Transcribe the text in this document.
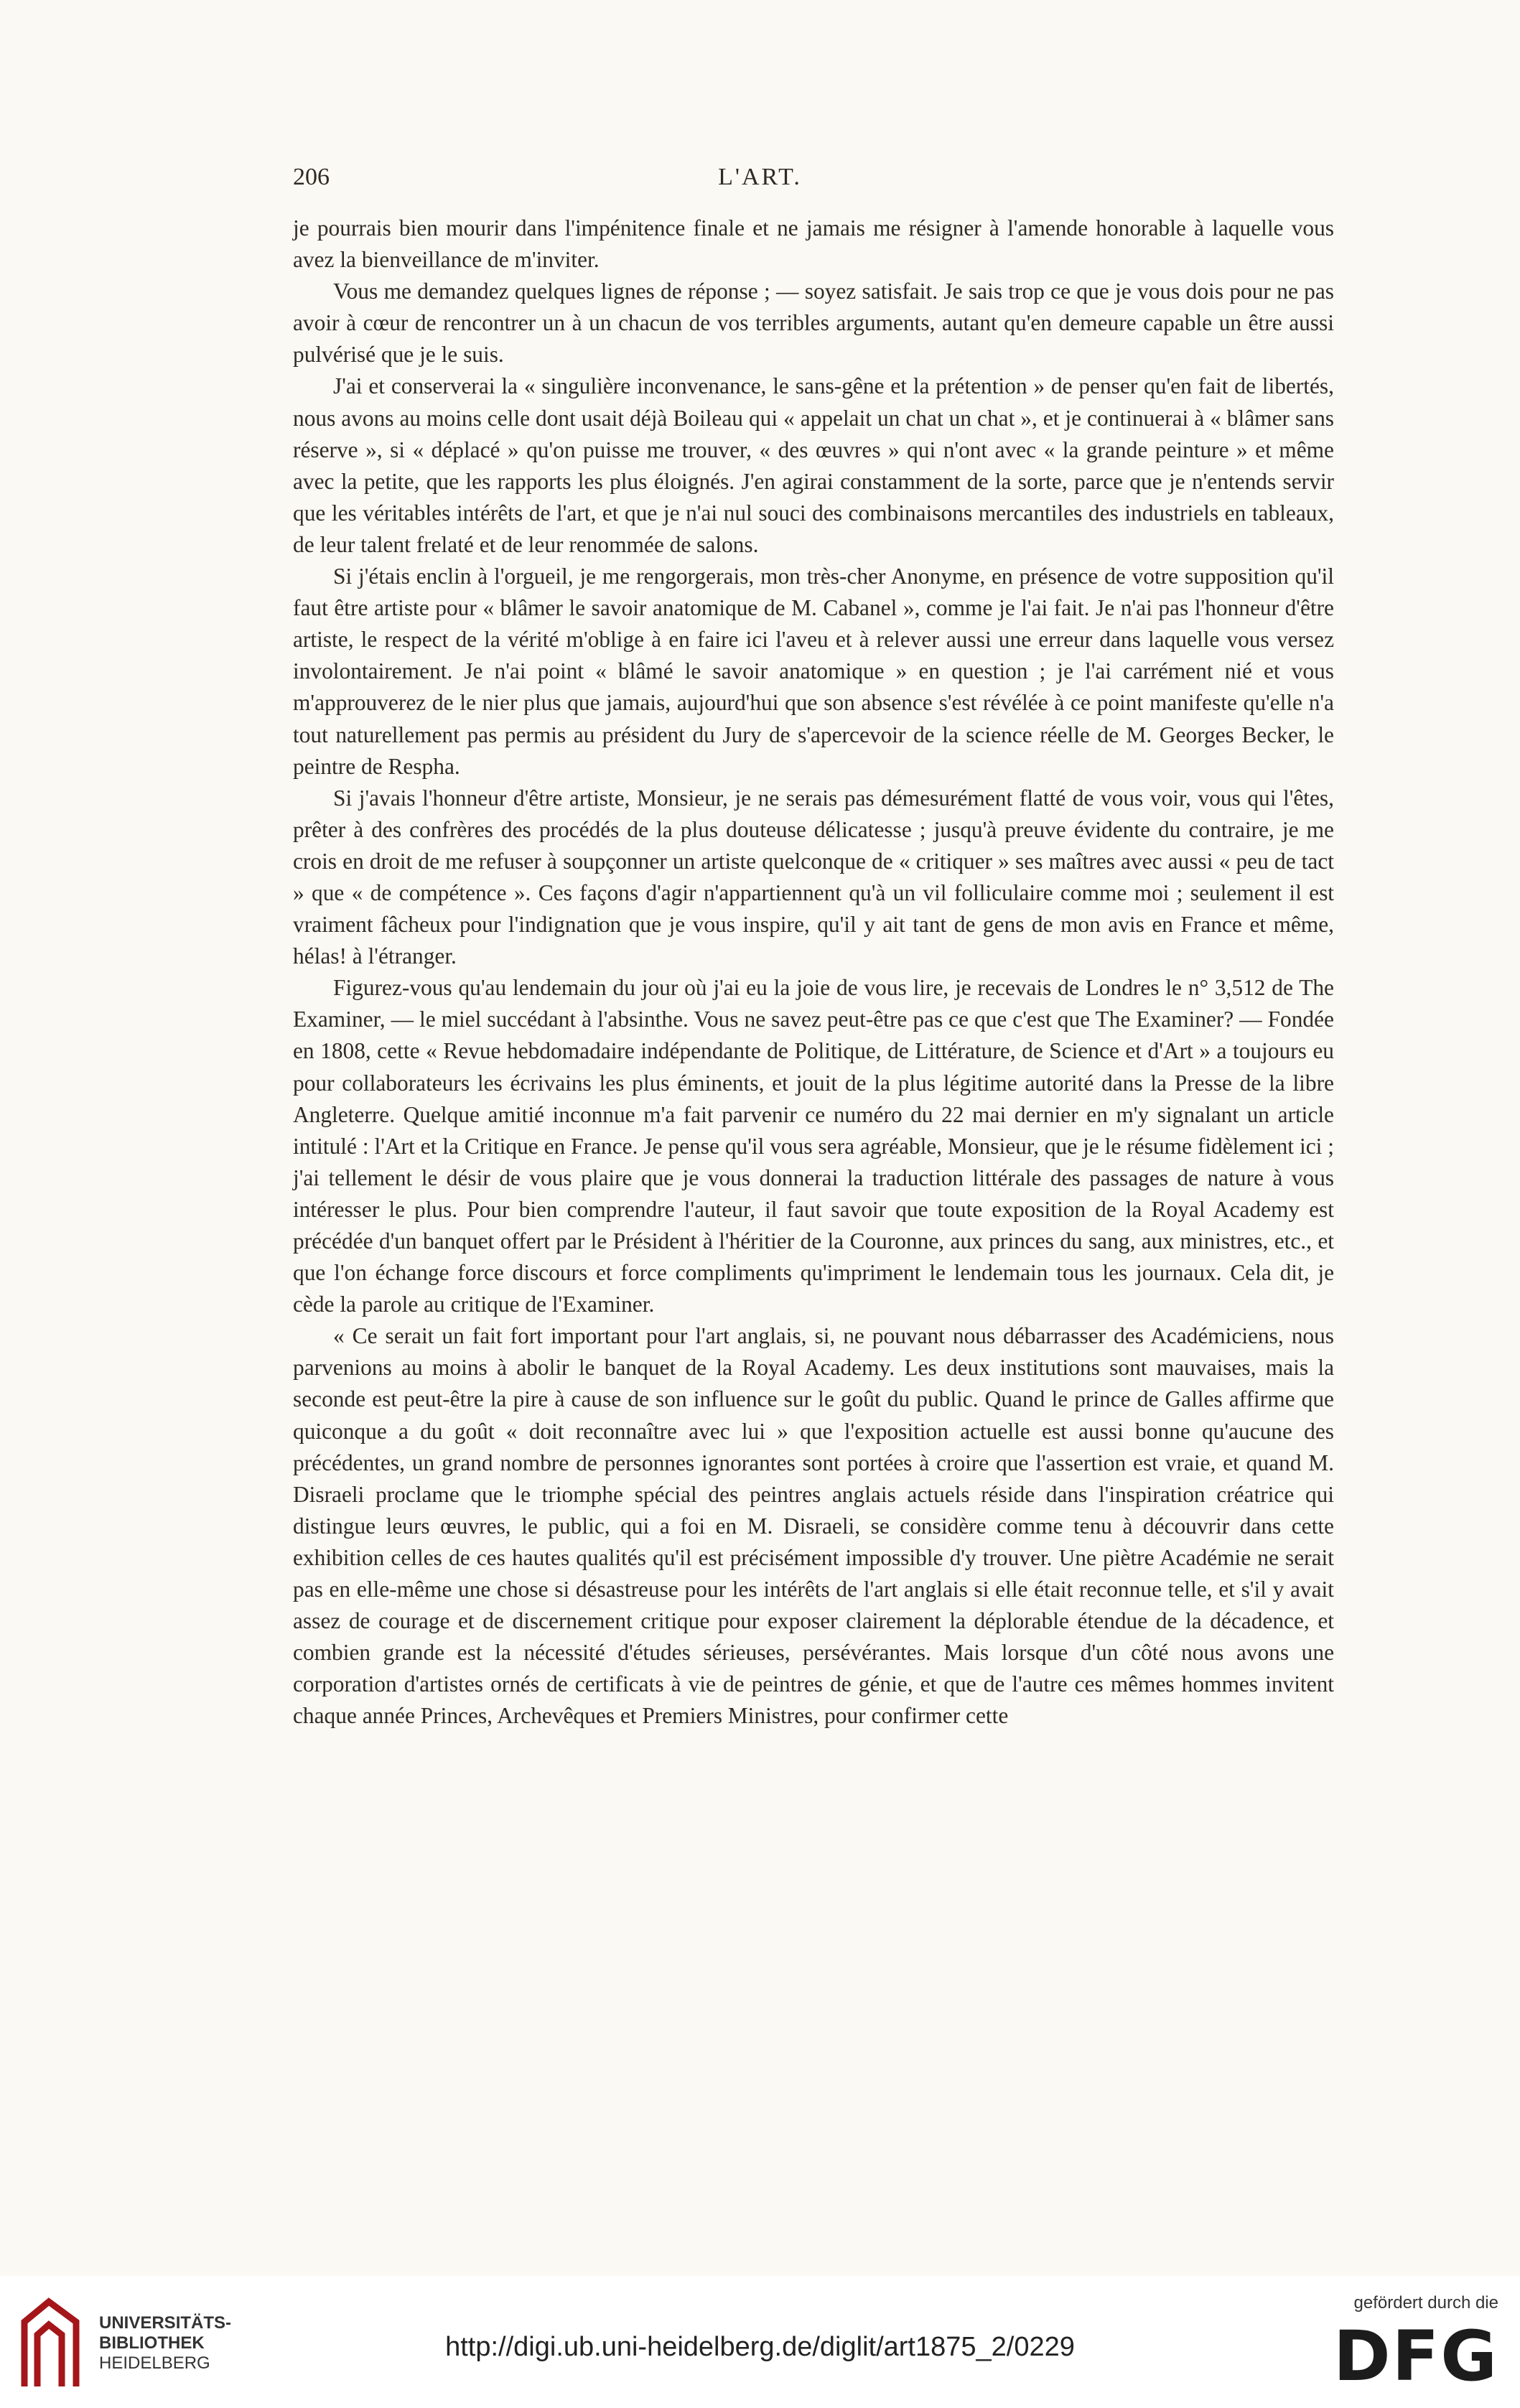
206	L'ART.

je pourrais bien mourir dans l'impénitence finale et ne jamais me résigner à l'amende honorable à laquelle vous avez la bienveillance de m'inviter.

Vous me demandez quelques lignes de réponse ; — soyez satisfait. Je sais trop ce que je vous dois pour ne pas avoir à cœur de rencontrer un à un chacun de vos terribles arguments, autant qu'en demeure capable un être aussi pulvérisé que je le suis.

J'ai et conserverai la « singulière inconvenance, le sans-gêne et la prétention » de penser qu'en fait de libertés, nous avons au moins celle dont usait déjà Boileau qui « appelait un chat un chat », et je continuerai à « blâmer sans réserve », si « déplacé » qu'on puisse me trouver, « des œuvres » qui n'ont avec « la grande peinture » et même avec la petite, que les rapports les plus éloignés. J'en agirai constamment de la sorte, parce que je n'entends servir que les véritables intérêts de l'art, et que je n'ai nul souci des combinaisons mercantiles des industriels en tableaux, de leur talent frelaté et de leur renommée de salons.

Si j'étais enclin à l'orgueil, je me rengorgerais, mon très-cher Anonyme, en présence de votre supposition qu'il faut être artiste pour « blâmer le savoir anatomique de M. Cabanel », comme je l'ai fait. Je n'ai pas l'honneur d'être artiste, le respect de la vérité m'oblige à en faire ici l'aveu et à relever aussi une erreur dans laquelle vous versez involontairement. Je n'ai point « blâmé le savoir anatomique » en question ; je l'ai carrément nié et vous m'approuverez de le nier plus que jamais, aujourd'hui que son absence s'est révélée à ce point manifeste qu'elle n'a tout naturellement pas permis au président du Jury de s'apercevoir de la science réelle de M. Georges Becker, le peintre de Respha.

Si j'avais l'honneur d'être artiste, Monsieur, je ne serais pas démesurément flatté de vous voir, vous qui l'êtes, prêter à des confrères des procédés de la plus douteuse délicatesse ; jusqu'à preuve évidente du contraire, je me crois en droit de me refuser à soupçonner un artiste quelconque de « critiquer » ses maîtres avec aussi « peu de tact » que « de compétence ». Ces façons d'agir n'appartiennent qu'à un vil folliculaire comme moi ; seulement il est vraiment fâcheux pour l'indignation que je vous inspire, qu'il y ait tant de gens de mon avis en France et même, hélas! à l'étranger.

Figurez-vous qu'au lendemain du jour où j'ai eu la joie de vous lire, je recevais de Londres le n° 3,512 de The Examiner, — le miel succédant à l'absinthe. Vous ne savez peut-être pas ce que c'est que The Examiner? — Fondée en 1808, cette « Revue hebdomadaire indépendante de Politique, de Littérature, de Science et d'Art » a toujours eu pour collaborateurs les écrivains les plus éminents, et jouit de la plus légitime autorité dans la Presse de la libre Angleterre. Quelque amitié inconnue m'a fait parvenir ce numéro du 22 mai dernier en m'y signalant un article intitulé : l'Art et la Critique en France. Je pense qu'il vous sera agréable, Monsieur, que je le résume fidèlement ici ; j'ai tellement le désir de vous plaire que je vous donnerai la traduction littérale des passages de nature à vous intéresser le plus. Pour bien comprendre l'auteur, il faut savoir que toute exposition de la Royal Academy est précédée d'un banquet offert par le Président à l'héritier de la Couronne, aux princes du sang, aux ministres, etc., et que l'on échange force discours et force compliments qu'impriment le lendemain tous les journaux. Cela dit, je cède la parole au critique de l'Examiner.

« Ce serait un fait fort important pour l'art anglais, si, ne pouvant nous débarrasser des Académiciens, nous parvenions au moins à abolir le banquet de la Royal Academy. Les deux institutions sont mauvaises, mais la seconde est peut-être la pire à cause de son influence sur le goût du public. Quand le prince de Galles affirme que quiconque a du goût « doit reconnaître avec lui » que l'exposition actuelle est aussi bonne qu'aucune des précédentes, un grand nombre de personnes ignorantes sont portées à croire que l'assertion est vraie, et quand M. Disraeli proclame que le triomphe spécial des peintres anglais actuels réside dans l'inspiration créatrice qui distingue leurs œuvres, le public, qui a foi en M. Disraeli, se considère comme tenu à découvrir dans cette exhibition celles de ces hautes qualités qu'il est précisément impossible d'y trouver. Une piètre Académie ne serait pas en elle-même une chose si désastreuse pour les intérêts de l'art anglais si elle était reconnue telle, et s'il y avait assez de courage et de discernement critique pour exposer clairement la déplorable étendue de la décadence, et combien grande est la nécessité d'études sérieuses, persévérantes. Mais lorsque d'un côté nous avons une corporation d'artistes ornés de certificats à vie de peintres de génie, et que de l'autre ces mêmes hommes invitent chaque année Princes, Archevêques et Premiers Ministres, pour confirmer cette

UNIVERSITÄTS-
BIBLIOTHEK
HEIDELBERG
http://digi.ub.uni-heidelberg.de/diglit/art1875_2/0229
gefördert durch die
DFG
